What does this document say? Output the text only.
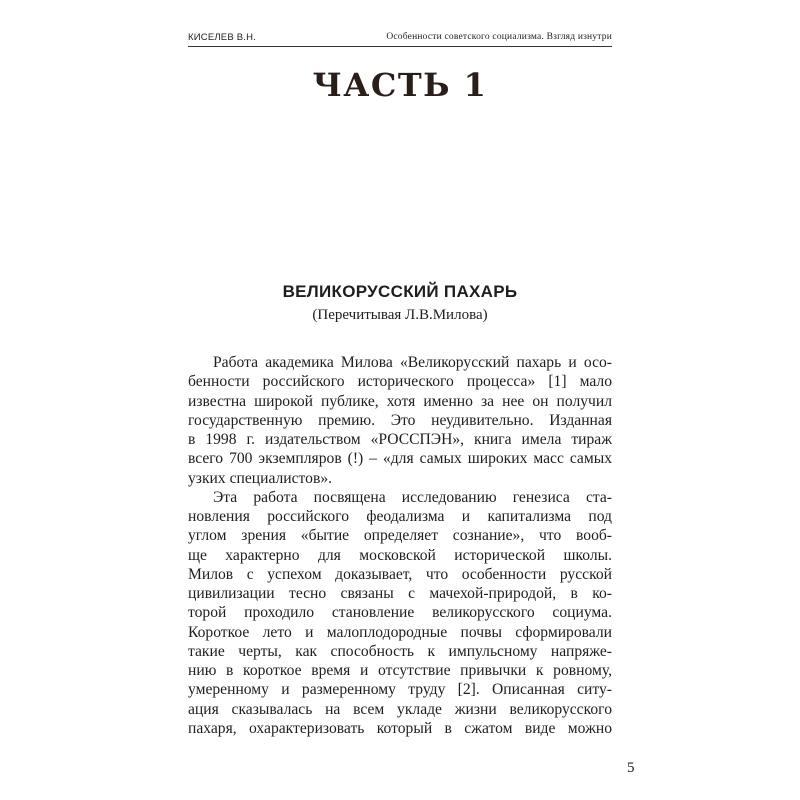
КИСЕЛЕВ В.Н.	Особенности советского социализма. Взгляд изнутри
ЧАСТЬ 1
ВЕЛИКОРУССКИЙ ПАХАРЬ
(Перечитывая Л.В.Милова)
Работа академика Милова «Великорусский пахарь и осо-
бенности российского исторического процесса» [1] мало
известна широкой публике, хотя именно за нее он получил
государственную премию. Это неудивительно. Изданная
в 1998 г. издательством «РОССПЭН», книга имела тираж
всего 700 экземпляров (!) – «для самых широких масс самых
узких специалистов».
Эта работа посвящена исследованию генезиса ста-
новления российского феодализма и капитализма под
углом зрения «бытие определяет сознание», что вооб-
ще характерно для московской исторической школы.
Милов с успехом доказывает, что особенности русской
цивилизации тесно связаны с мачехой-природой, в ко-
торой проходило становление великорусского социума.
Короткое лето и малоплодородные почвы сформировали
такие черты, как способность к импульсному напряже-
нию в короткое время и отсутствие привычки к ровному,
умеренному и размеренному труду [2]. Описанная ситу-
ация сказывалась на всем укладе жизни великорусского
пахаря, охарактеризовать который в сжатом виде можно
5
